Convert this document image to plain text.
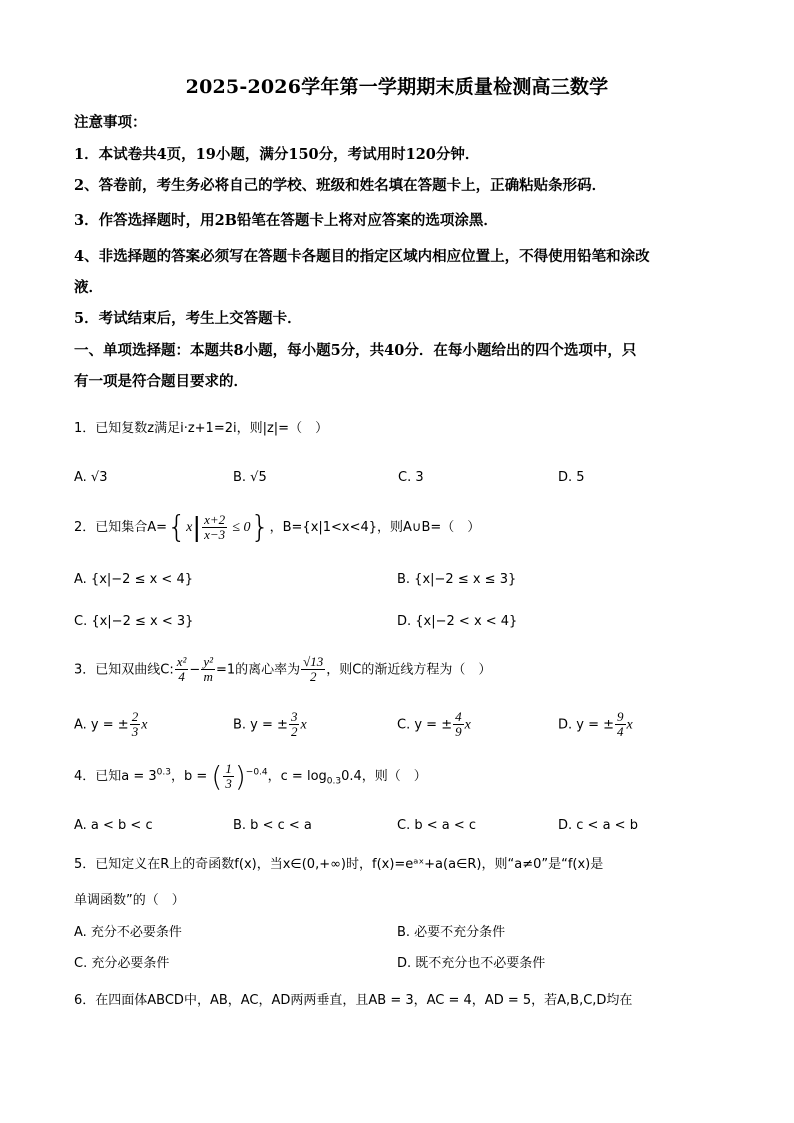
2025-2026学年第一学期期末质量检测高三数学
注意事项：
1．本试卷共4页，19小题，满分150分，考试用时120分钟．
2、答卷前，考生务必将自己的学校、班级和姓名填在答题卡上，正确粘贴条形码．
3．作答选择题时，用2B铅笔在答题卡上将对应答案的选项涂黑．
4、非选择题的答案必须写在答题卡各题目的指定区域内相应位置上，不得使用铅笔和涂改
液．
5．考试结束后，考生上交答题卡．
一、单项选择题：本题共8小题，每小题5分，共40分．在每小题给出的四个选项中，只
有一项是符合题目要求的．
1．已知复数z满足i·z+1=2i，则|z|=（　）
A. √3	B. √5	C. 3	D. 5
2．已知集合$A=\{x| \frac{x+2}{x-3} \le 0\}$，B={x|1<x<4}，则A∪B=（　）
A. {x|−2 ≤ x < 4}	B. {x|−2 ≤ x ≤ 3}
C. {x|−2 ≤ x < 3}	D. {x|−2 < x < 4}
3．已知双曲线C: $\frac{\text{x²}}{4} - \frac{\text{y²}}{m} =1$的离心率为 $\frac{√13}{2}$ ，则C的渐近线方程为（　）
A. y = ± $\frac{2}{3}$ x	B. y = ± $\frac{3}{2}$ x	C. y = ± $\frac{4}{9}$ x	D. y = ± $\frac{9}{4}$ x
4．已知$a = 3^{0.3}$，b = ( $\frac{1}{3} )^{-0.4}$，$c = \log_{0.3}0.4$，则（　）
A. a < b < c	B. b < c < a	C. b < a < c	D. c < a < b
5．已知定义在R上的奇函数f(x)，当x∈(0,+∞)时，f(x)=eᵃˣ+a(a∈R)，则“a≠0”是“f(x)是
单调函数”的（　）
A. 充分不必要条件	B. 必要不充分条件
C. 充分必要条件	D. 既不充分也不必要条件
6．在四面体ABCD中，AB，AC，AD两两垂直，且AB = 3，AC = 4，AD = 5，若A,B,C,D均在
